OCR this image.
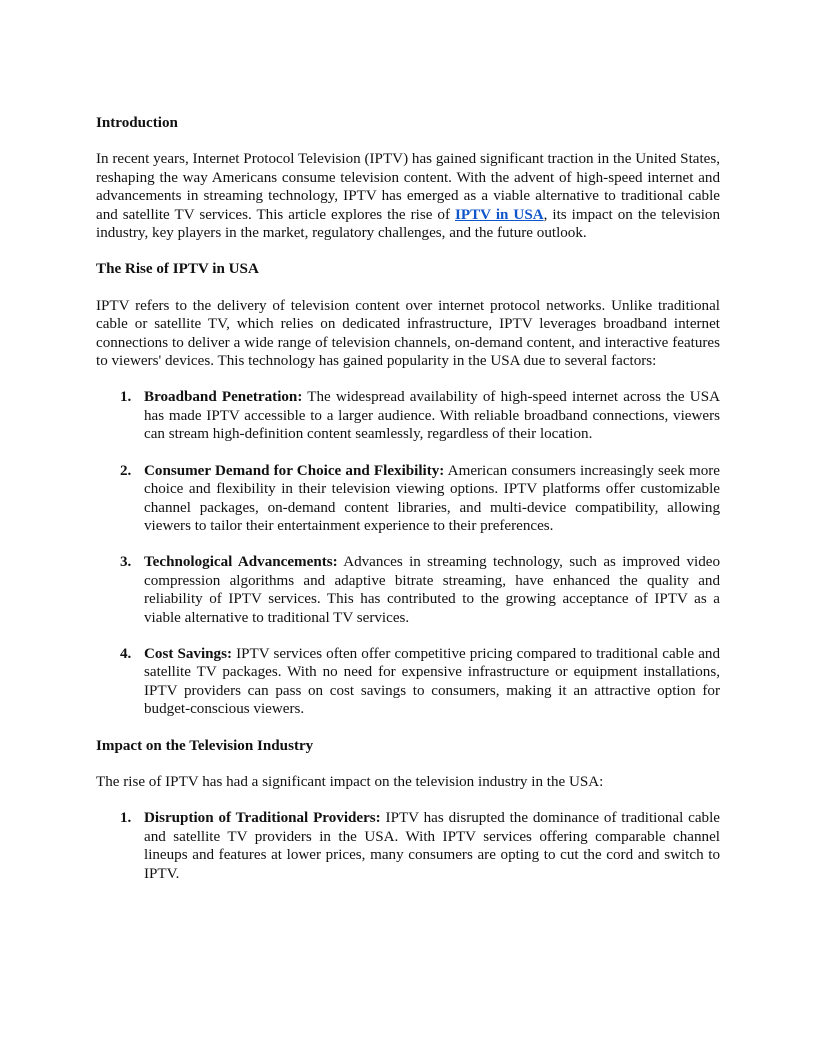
Introduction

In recent years, Internet Protocol Television (IPTV) has gained significant traction in the United States, reshaping the way Americans consume television content. With the advent of high-speed internet and advancements in streaming technology, IPTV has emerged as a viable alternative to traditional cable and satellite TV services. This article explores the rise of IPTV in USA, its impact on the television industry, key players in the market, regulatory challenges, and the future outlook.

The Rise of IPTV in USA

IPTV refers to the delivery of television content over internet protocol networks. Unlike traditional cable or satellite TV, which relies on dedicated infrastructure, IPTV leverages broadband internet connections to deliver a wide range of television channels, on-demand content, and interactive features to viewers' devices. This technology has gained popularity in the USA due to several factors:

1. Broadband Penetration: The widespread availability of high-speed internet across the USA has made IPTV accessible to a larger audience. With reliable broadband connections, viewers can stream high-definition content seamlessly, regardless of their location.
2. Consumer Demand for Choice and Flexibility: American consumers increasingly seek more choice and flexibility in their television viewing options. IPTV platforms offer customizable channel packages, on-demand content libraries, and multi-device compatibility, allowing viewers to tailor their entertainment experience to their preferences.
3. Technological Advancements: Advances in streaming technology, such as improved video compression algorithms and adaptive bitrate streaming, have enhanced the quality and reliability of IPTV services. This has contributed to the growing acceptance of IPTV as a viable alternative to traditional TV services.
4. Cost Savings: IPTV services often offer competitive pricing compared to traditional cable and satellite TV packages. With no need for expensive infrastructure or equipment installations, IPTV providers can pass on cost savings to consumers, making it an attractive option for budget-conscious viewers.

Impact on the Television Industry

The rise of IPTV has had a significant impact on the television industry in the USA:

1. Disruption of Traditional Providers: IPTV has disrupted the dominance of traditional cable and satellite TV providers in the USA. With IPTV services offering comparable channel lineups and features at lower prices, many consumers are opting to cut the cord and switch to IPTV.
